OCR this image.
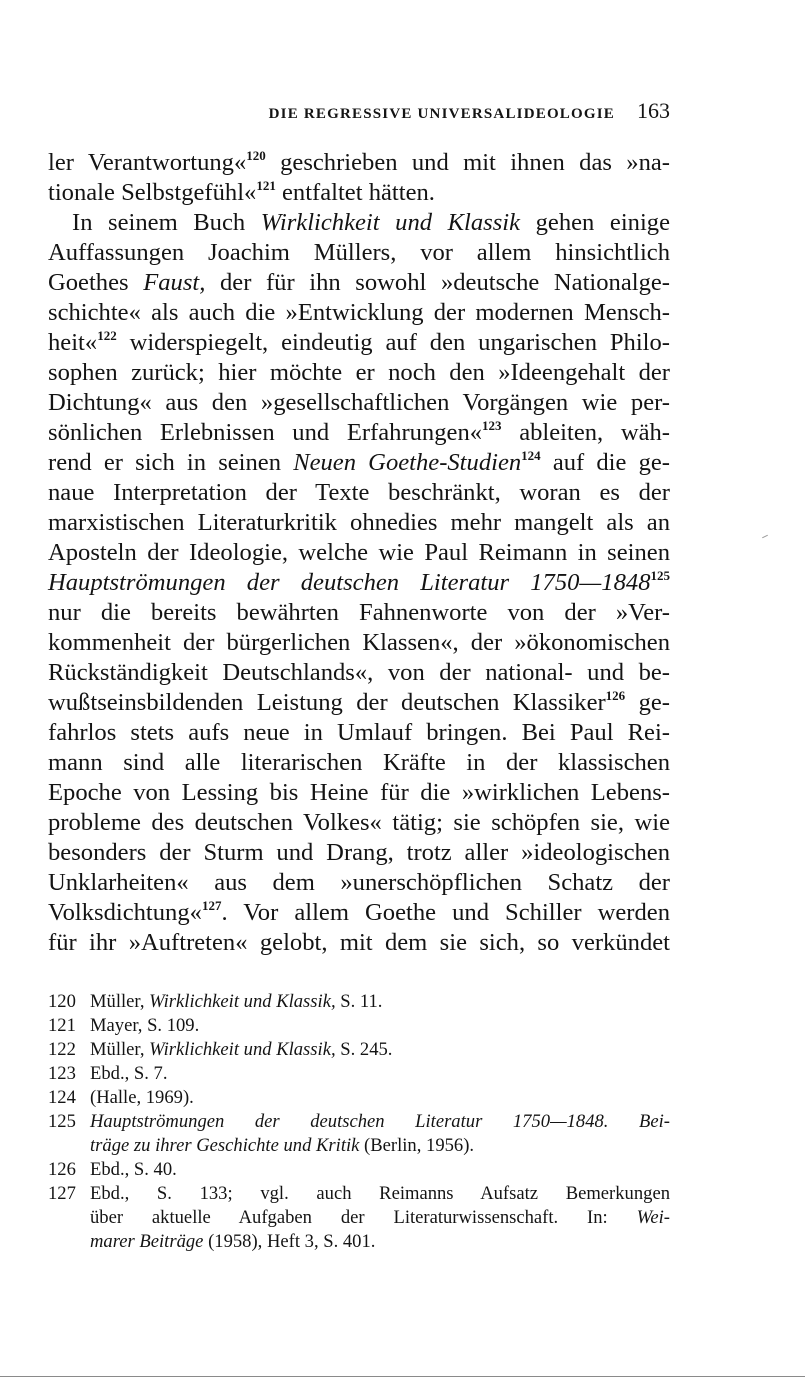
DIE REGRESSIVE UNIVERSALIDEOLOGIE 163
ler Verantwortung«$^{120}$ geschrieben und mit ihnen das »na-
tionale Selbstgefühl«$^{121}$ entfaltet hätten.
In seinem Buch Wirklichkeit und Klassik gehen einige
Auffassungen Joachim Müllers, vor allem hinsichtlich
Goethes Faust, der für ihn sowohl »deutsche Nationalge-
schichte« als auch die »Entwicklung der modernen Mensch-
heit«$^{122}$ widerspiegelt, eindeutig auf den ungarischen Philo-
sophen zurück; hier möchte er noch den »Ideengehalt der
Dichtung« aus den »gesellschaftlichen Vorgängen wie per-
sönlichen Erlebnissen und Erfahrungen«$^{123}$ ableiten, wäh-
rend er sich in seinen Neuen Goethe-Studien$^{124}$ auf die ge-
naue Interpretation der Texte beschränkt, woran es der
marxistischen Literaturkritik ohnedies mehr mangelt als an
Aposteln der Ideologie, welche wie Paul Reimann in seinen
Hauptströmungen der deutschen Literatur 1750—1848$^{125}$
nur die bereits bewährten Fahnenworte von der »Ver-
kommenheit der bürgerlichen Klassen«, der »ökonomischen
Rückständigkeit Deutschlands«, von der national- und be-
wußtseinsbildenden Leistung der deutschen Klassiker$^{126}$ ge-
fahrlos stets aufs neue in Umlauf bringen. Bei Paul Rei-
mann sind alle literarischen Kräfte in der klassischen
Epoche von Lessing bis Heine für die »wirklichen Lebens-
probleme des deutschen Volkes« tätig; sie schöpfen sie, wie
besonders der Sturm und Drang, trotz aller »ideologischen
Unklarheiten« aus dem »unerschöpflichen Schatz der
Volksdichtung«$^{127}$. Vor allem Goethe und Schiller werden
für ihr »Auftreten« gelobt, mit dem sie sich, so verkündet
120 Müller, Wirklichkeit und Klassik, S. 11.
121 Mayer, S. 109.
122 Müller, Wirklichkeit und Klassik, S. 245.
123 Ebd., S. 7.
124 (Halle, 1969).
125 Hauptströmungen der deutschen Literatur 1750—1848. Bei-
träge zu ihrer Geschichte und Kritik (Berlin, 1956).
126 Ebd., S. 40.
127 Ebd., S. 133; vgl. auch Reimanns Aufsatz Bemerkungen
über aktuelle Aufgaben der Literaturwissenschaft. In: Wei-
marer Beiträge (1958), Heft 3, S. 401.
